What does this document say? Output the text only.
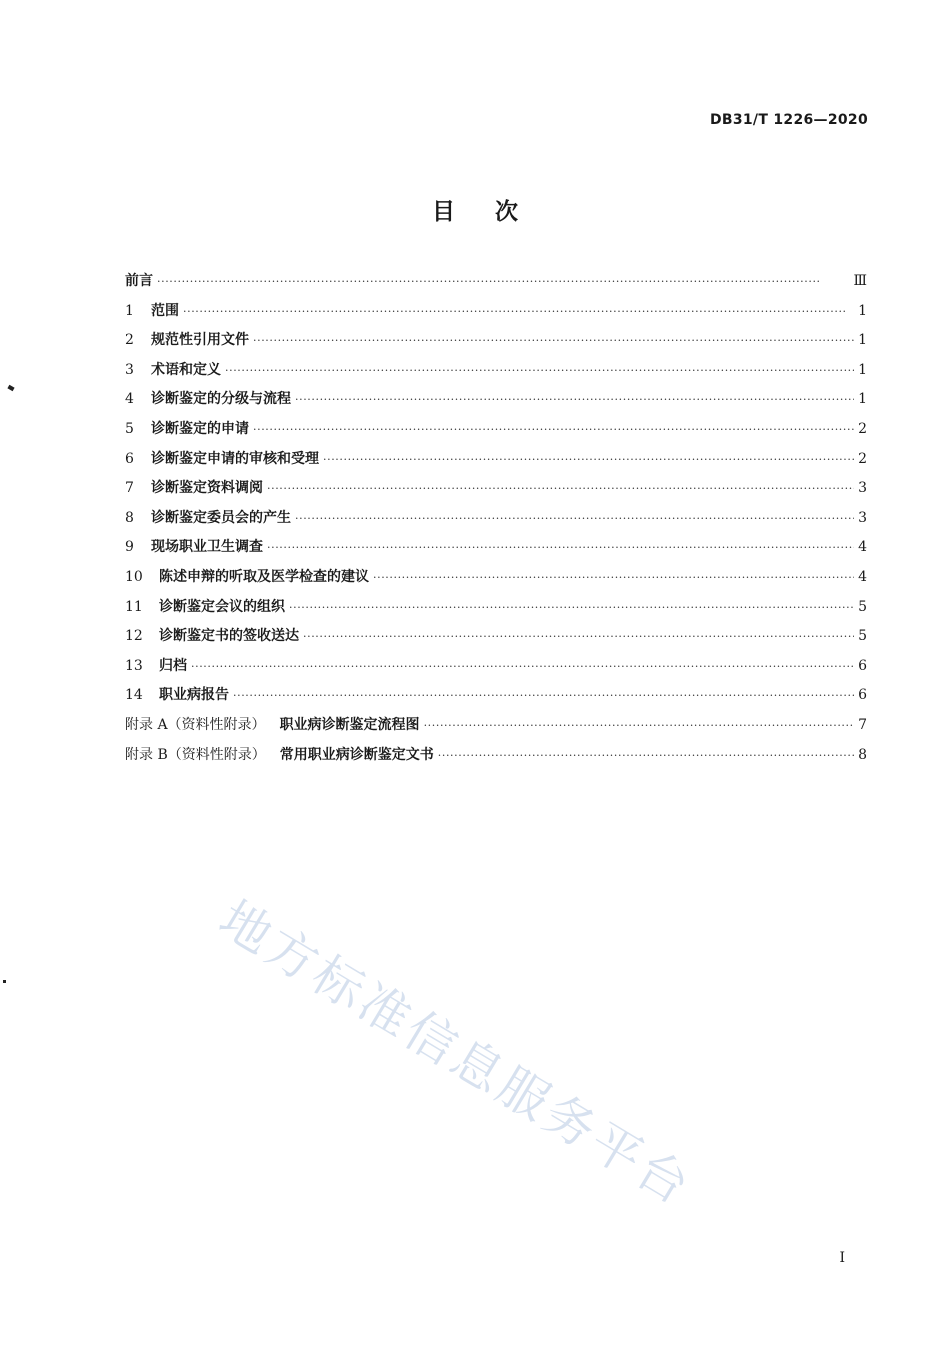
DB31/T 1226—2020
目次
前言 ·····	Ⅲ
1	范围 ·····	1
2	规范性引用文件 ·····	1
3	术语和定义 ·····	1
4	诊断鉴定的分级与流程 ·····	1
5	诊断鉴定的申请 ·····	2
6	诊断鉴定申请的审核和受理 ·····	2
7	诊断鉴定资料调阅 ·····	3
8	诊断鉴定委员会的产生 ·····	3
9	现场职业卫生调查 ·····	4
10	陈述申辩的听取及医学检查的建议 ·····	4
11	诊断鉴定会议的组织 ·····	5
12	诊断鉴定书的签收送达 ·····	5
13	归档 ·····	6
14	职业病报告 ·····	6
附录 A（资料性附录） 职业病诊断鉴定流程图 ·····	7
附录 B（资料性附录） 常用职业病诊断鉴定文书 ·····	8
地方标准信息服务平台
I
